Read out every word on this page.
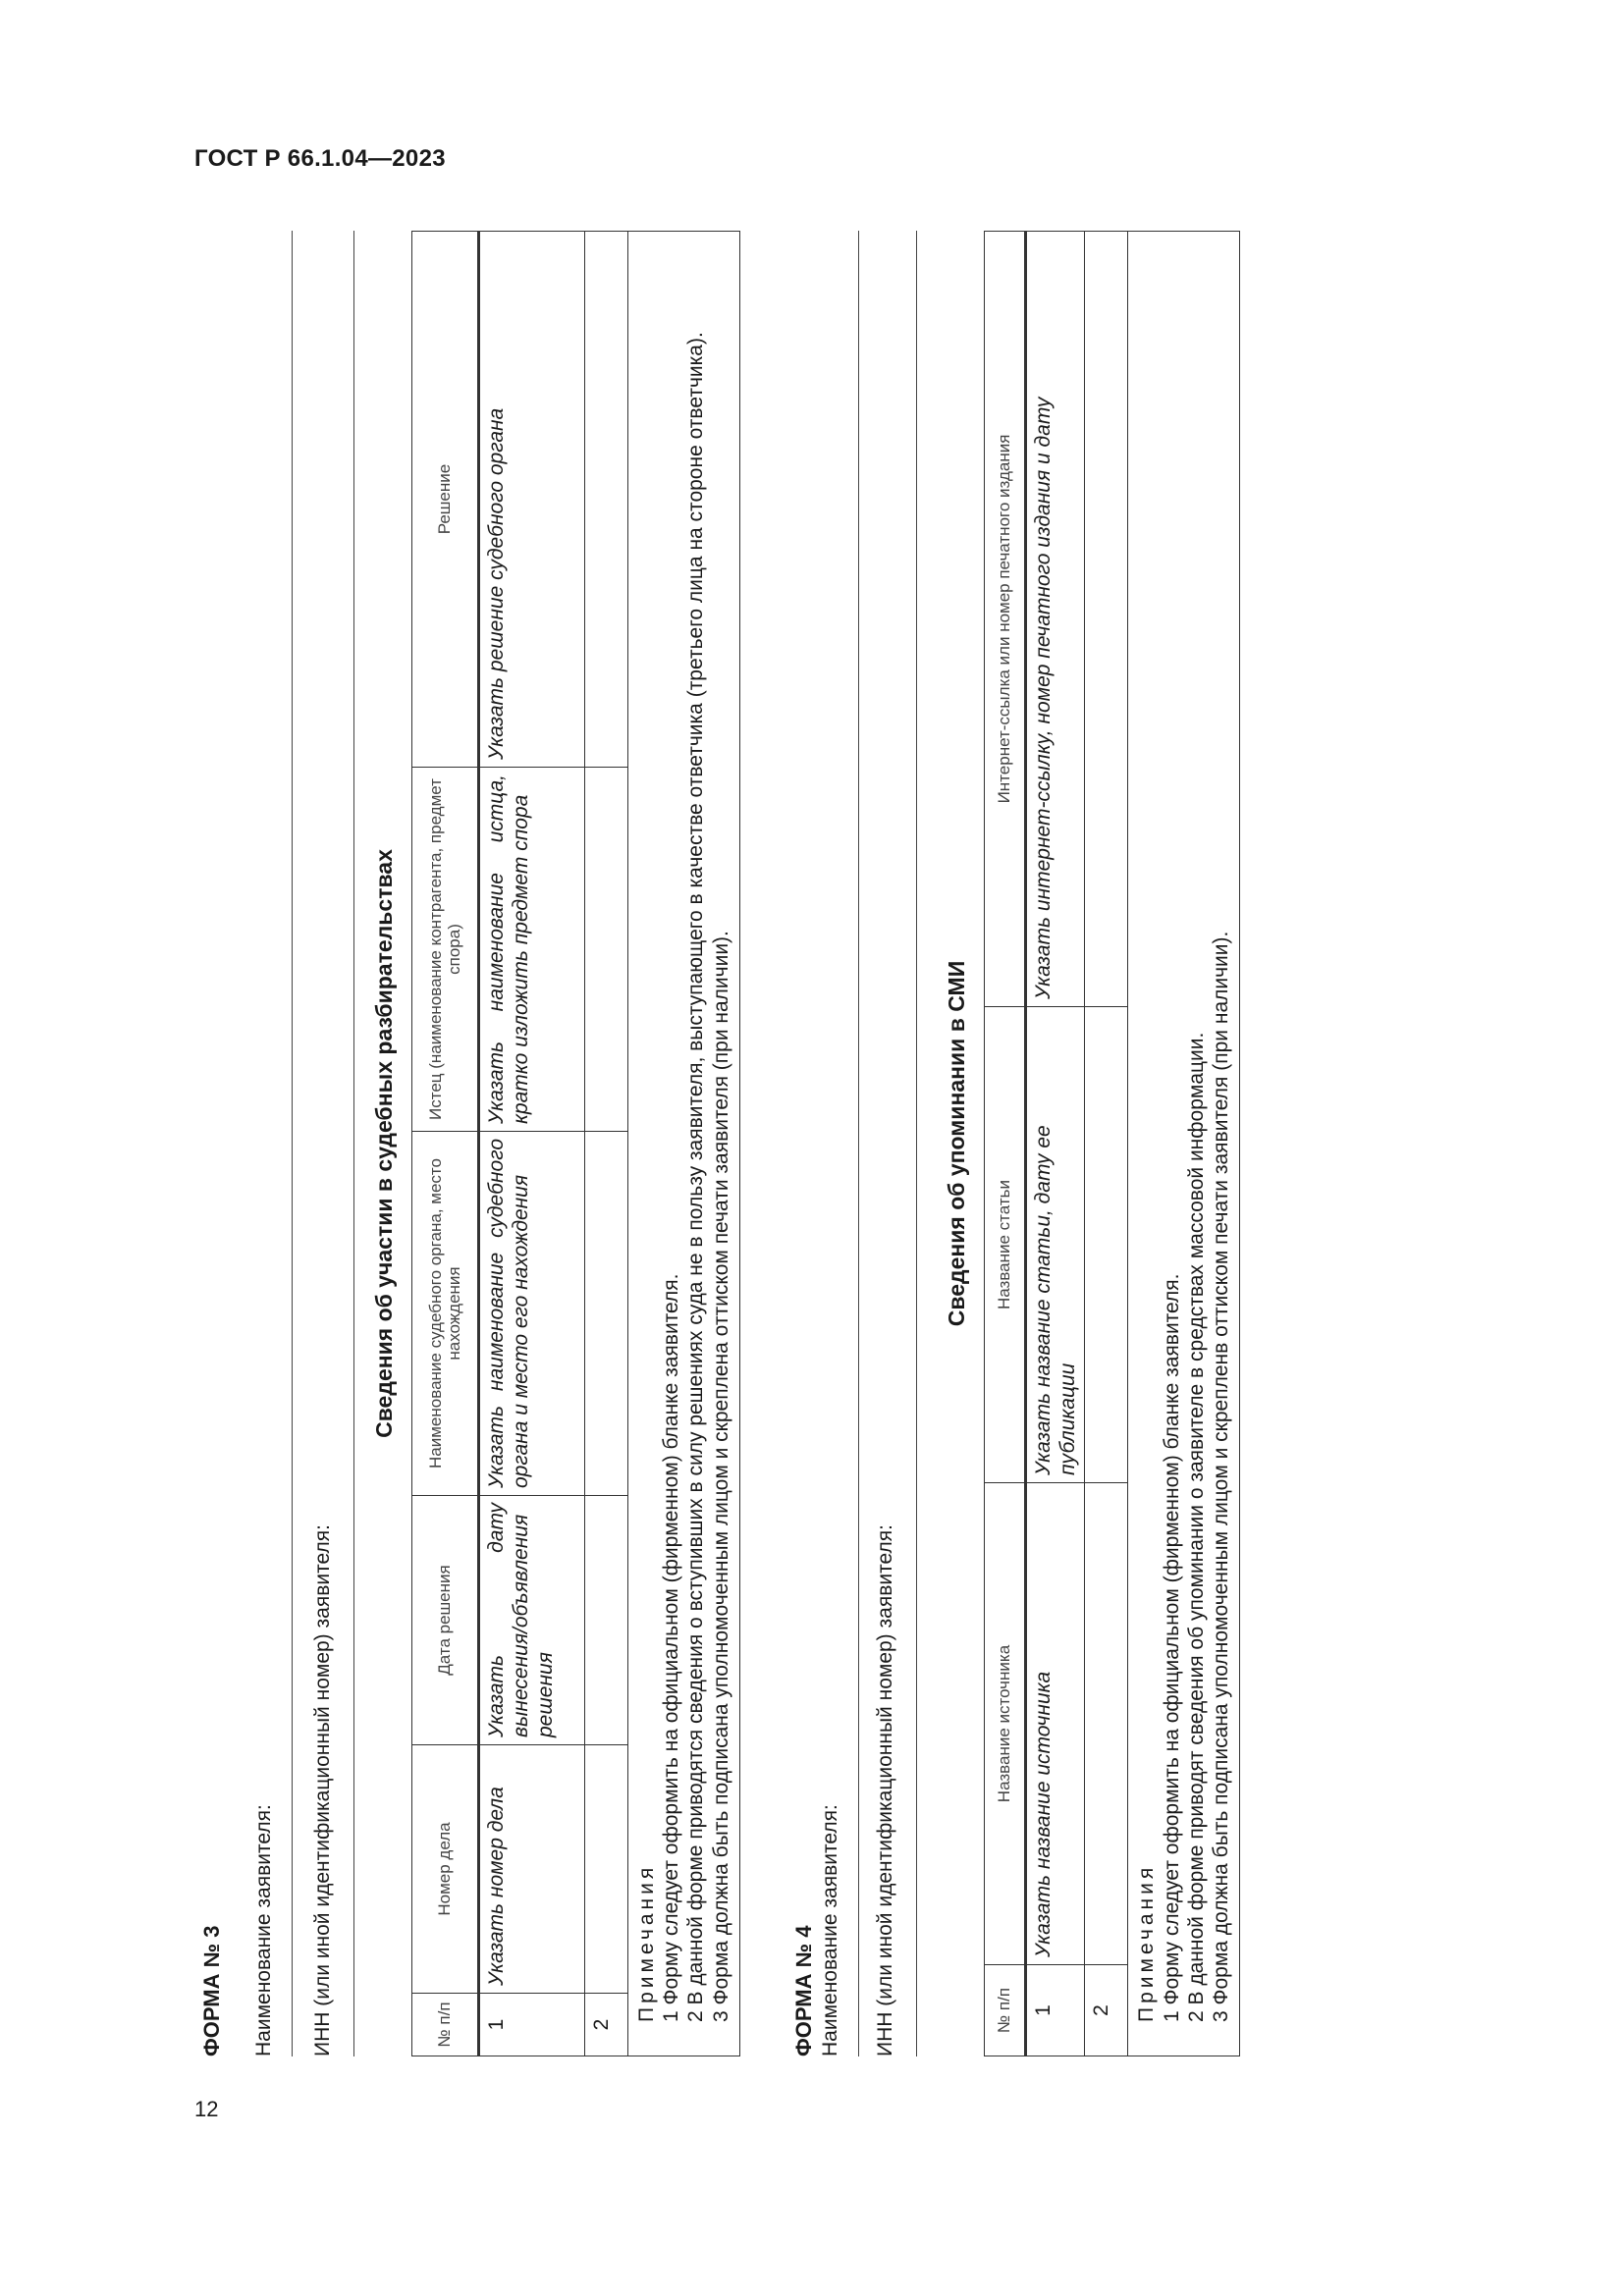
ГОСТ Р 66.1.04—2023

ФОРМА № 3 Наименование заявителя: ИНН (или иной идентификационный номер) заявителя:

Сведения об участии в судебных разбирательствах

№ п/п	Номер дела	Дата решения	Наименование судебного органа, место нахождения	Истец (наименование контрагента, предмет спора)	Решение
1	Указать номер дела	Указать дату вынесения/объявления решения	Указать наименование судебного органа и место его нахождения	Указать наименование истца, кратко изложить предмет спора	Указать решение судебного органа
2					

Примечания 1 Форму следует оформить на официальном (фирменном) бланке заявителя. 2 В данной форме приводятся сведения о вступивших в силу решениях суда не в пользу заявителя, выступающего в качестве ответчика (третьего лица на стороне ответчика). 3 Форма должна быть подписана уполномоченным лицом и скреплена оттиском печати заявителя (при наличии).						ФОРМА № 4 Наименование заявителя: ИНН (или иной идентификационный номер) заявителя:

Сведения об упоминании в СМИ

№ п/п	Название источника	Название статьи	Интернет-ссылка или номер печатного издания
1	Указать название источника	Указать название статьи, дату ее публикации	Указать интернет-ссылку, номер печатного издания и дату
2			

Примечания 1 Форму следует оформить на официальном (фирменном) бланке заявителя. 2 В данной форме приводят сведения об упоминании о заявителе в средствах массовой информации. 3 Форма должна быть подписана уполномоченным лицом и скрепленв оттиском печати заявителя (при наличии).			

12
